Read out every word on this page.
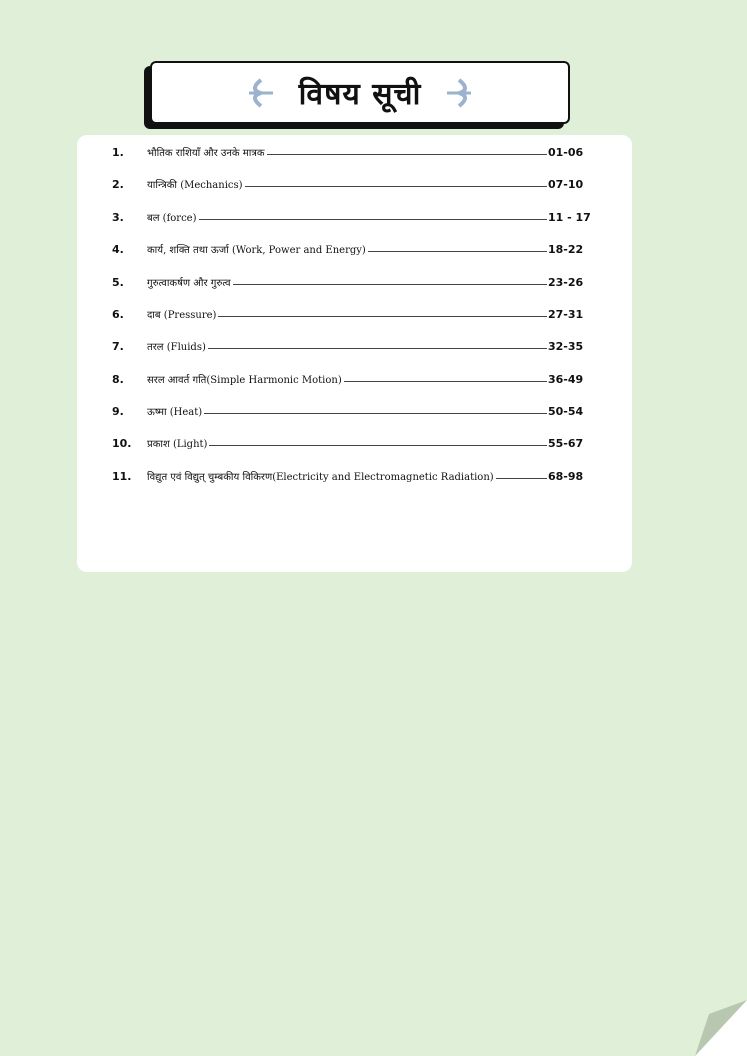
विषय सूची
1. भौतिक राशियाँ और उनके मात्रक	01-06
2. यान्त्रिकी (Mechanics)	07-10
3. बल (force)	11 - 17
4. कार्य, शक्ति तथा ऊर्जा (Work, Power and Energy)	18-22
5. गुरुत्वाकर्षण और गुरुत्व	23-26
6. दाब (Pressure)	27-31
7. तरल (Fluids)	32-35
8. सरल आवर्त गति(Simple Harmonic Motion)	36-49
9. ऊष्मा (Heat)	50-54
10. प्रकाश (Light)	55-67
11. विद्युत एवं विद्युत् चुम्बकीय विकिरण(Electricity and Electromagnetic Radiation)	68-98
